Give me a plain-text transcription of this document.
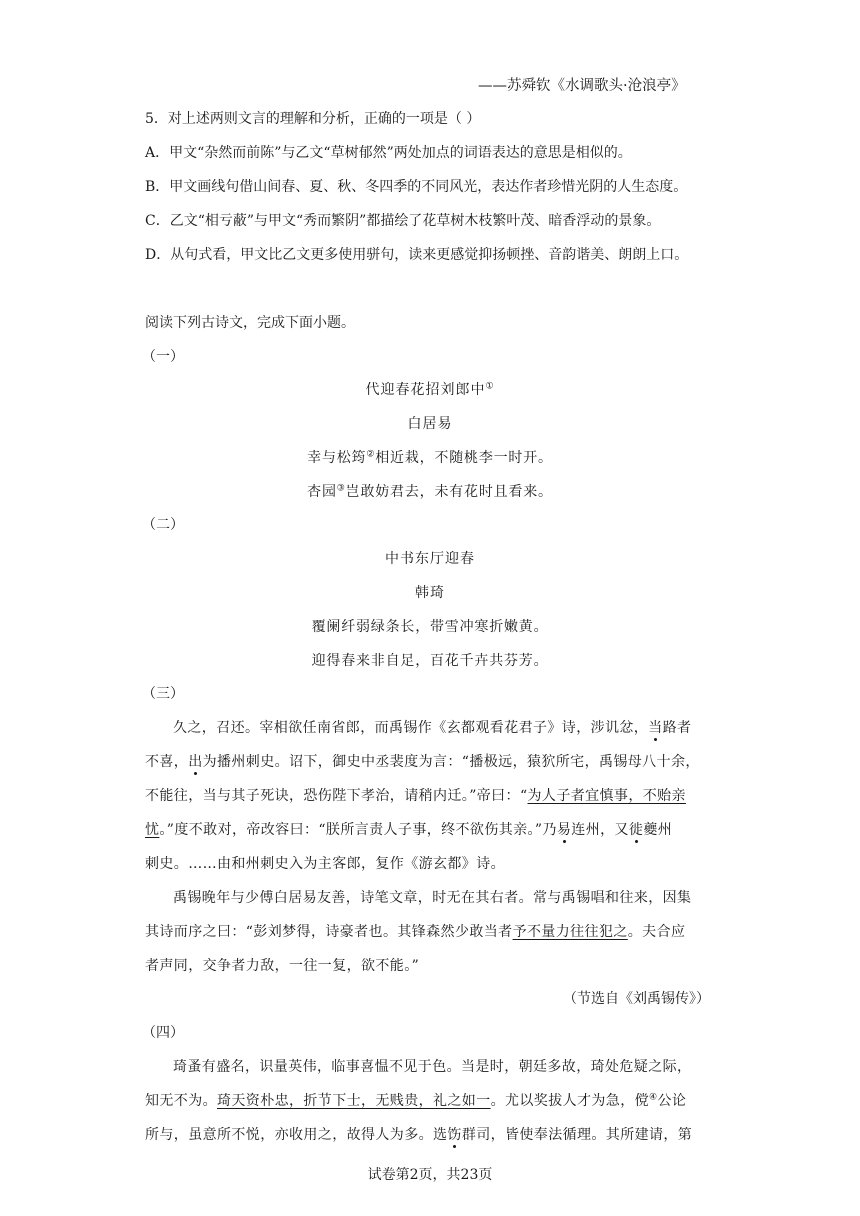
——苏舜钦《水调歌头·沧浪亭》
5．对上述两则文言的理解和分析，正确的一项是（ ）
A．甲文“杂然而前陈”与乙文“草树郁然”两处加点的词语表达的意思是相似的。
B．甲文画线句借山间春、夏、秋、冬四季的不同风光，表达作者珍惜光阴的人生态度。
C．乙文“相亏蔽”与甲文“秀而繁阴”都描绘了花草树木枝繁叶茂、暗香浮动的景象。
D．从句式看，甲文比乙文更多使用骈句，读来更感觉抑扬顿挫、音韵谐美、朗朗上口。
阅读下列古诗文，完成下面小题。
（一）
代迎春花招刘郎中①
白居易
幸与松筠②相近栽，不随桃李一时开。
杏园③岂敢妨君去，未有花时且看来。
（二）
中书东厅迎春
韩琦
覆阑纤弱绿条长，带雪冲寒折嫩黄。
迎得春来非自足，百花千卉共芬芳。
（三）
久之，召还。宰相欲任南省郎，而禹锡作《玄都观看花君子》诗，涉讥忿，当路者
不喜，出为播州刺史。诏下，御史中丞裴度为言：“播极远，猿狖所宅，禹锡母八十余，
不能往，当与其子死诀，恐伤陛下孝治，请稍内迁。”帝曰：“为人子者宜慎事，不贻亲
忧。”度不敢对，帝改容曰：“朕所言责人子事，终不欲伤其亲。”乃易连州，又徙夔州
刺史。……由和州刺史入为主客郎，复作《游玄都》诗。
禹锡晚年与少傅白居易友善，诗笔文章，时无在其右者。常与禹锡唱和往来，因集
其诗而序之曰：“彭刘梦得，诗豪者也。其锋森然少敢当者予不量力往往犯之。夫合应
者声同，交争者力敌，一往一复，欲不能。”
（节选自《刘禹锡传》）
（四）
琦蚤有盛名，识量英伟，临事喜愠不见于色。当是时，朝廷多故，琦处危疑之际，
知无不为。琦天资朴忠，折节下士，无贱贵，礼之如一。尤以奖拔人才为急，傥④公论
所与，虽意所不悦，亦收用之，故得人为多。选饬群司，皆使奉法循理。其所建请，第
试卷第2页，共23页
